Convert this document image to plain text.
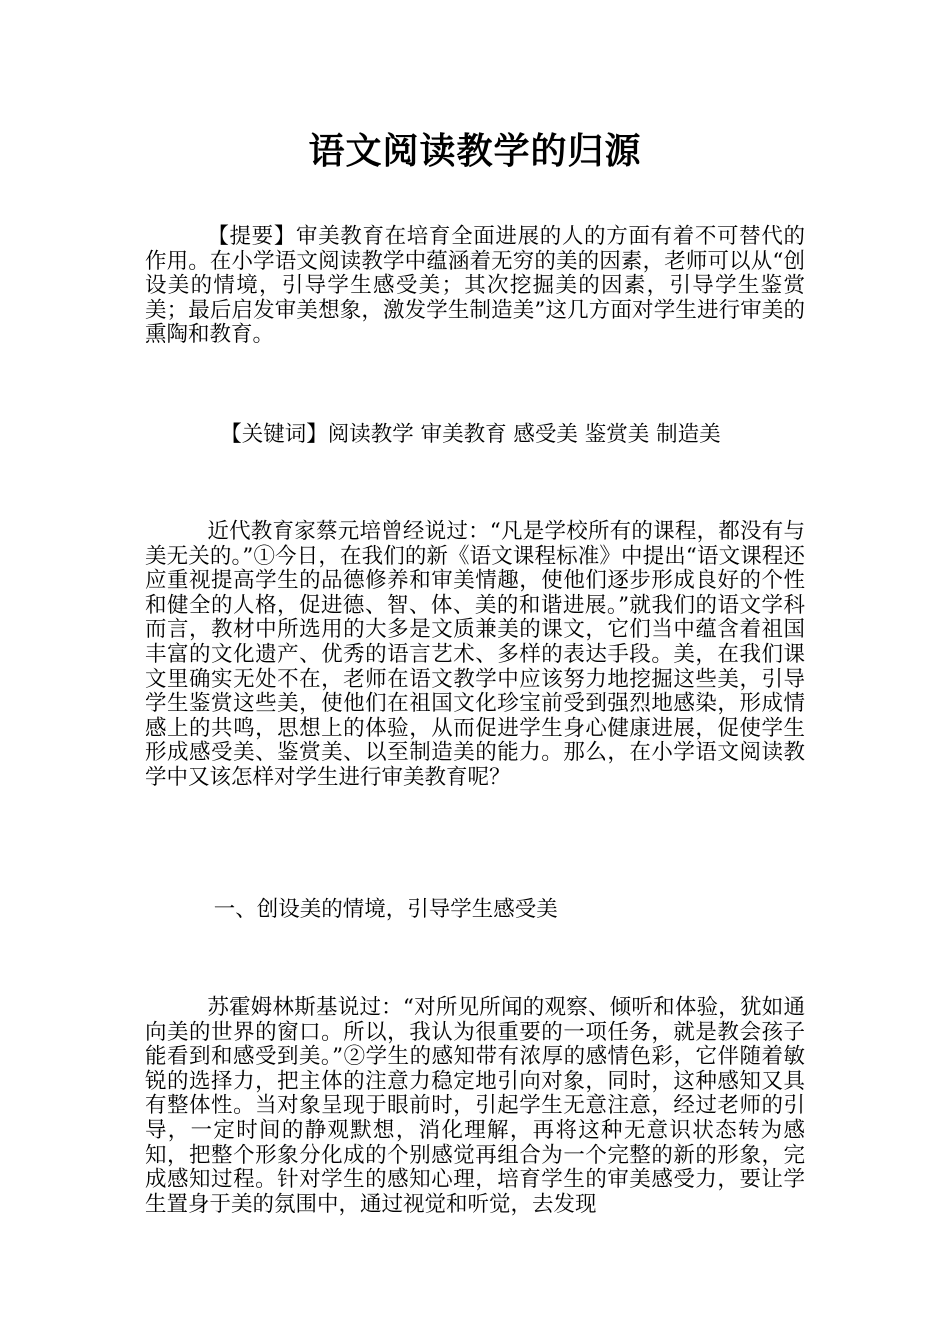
语文阅读教学的归源
【提要】审美教育在培育全面进展的人的方面有着不可替代的作用。在小学语文阅读教学中蕴涵着无穷的美的因素，老师可以从“创设美的情境，引导学生感受美；其次挖掘美的因素，引导学生鉴赏美；最后启发审美想象，激发学生制造美”这几方面对学生进行审美的熏陶和教育。
【关键词】阅读教学 审美教育 感受美 鉴赏美 制造美
近代教育家蔡元培曾经说过：“凡是学校所有的课程，都没有与美无关的。”①今日，在我们的新《语文课程标准》中提出“语文课程还应重视提高学生的品德修养和审美情趣，使他们逐步形成良好的个性和健全的人格，促进德、智、体、美的和谐进展。”就我们的语文学科而言，教材中所选用的大多是文质兼美的课文，它们当中蕴含着祖国丰富的文化遗产、优秀的语言艺术、多样的表达手段。美，在我们课文里确实无处不在，老师在语文教学中应该努力地挖掘这些美，引导学生鉴赏这些美，使他们在祖国文化珍宝前受到强烈地感染，形成情感上的共鸣，思想上的体验，从而促进学生身心健康进展，促使学生形成感受美、鉴赏美、以至制造美的能力。那么，在小学语文阅读教学中又该怎样对学生进行审美教育呢？
一、创设美的情境，引导学生感受美
苏霍姆林斯基说过：“对所见所闻的观察、倾听和体验，犹如通向美的世界的窗口。所以，我认为很重要的一项任务，就是教会孩子能看到和感受到美。”②学生的感知带有浓厚的感情色彩，它伴随着敏锐的选择力，把主体的注意力稳定地引向对象，同时，这种感知又具有整体性。当对象呈现于眼前时，引起学生无意注意，经过老师的引导，一定时间的静观默想，消化理解，再将这种无意识状态转为感知，把整个形象分化成的个别感觉再组合为一个完整的新的形象，完成感知过程。针对学生的感知心理，培育学生的审美感受力，要让学生置身于美的氛围中，通过视觉和听觉，去发现
